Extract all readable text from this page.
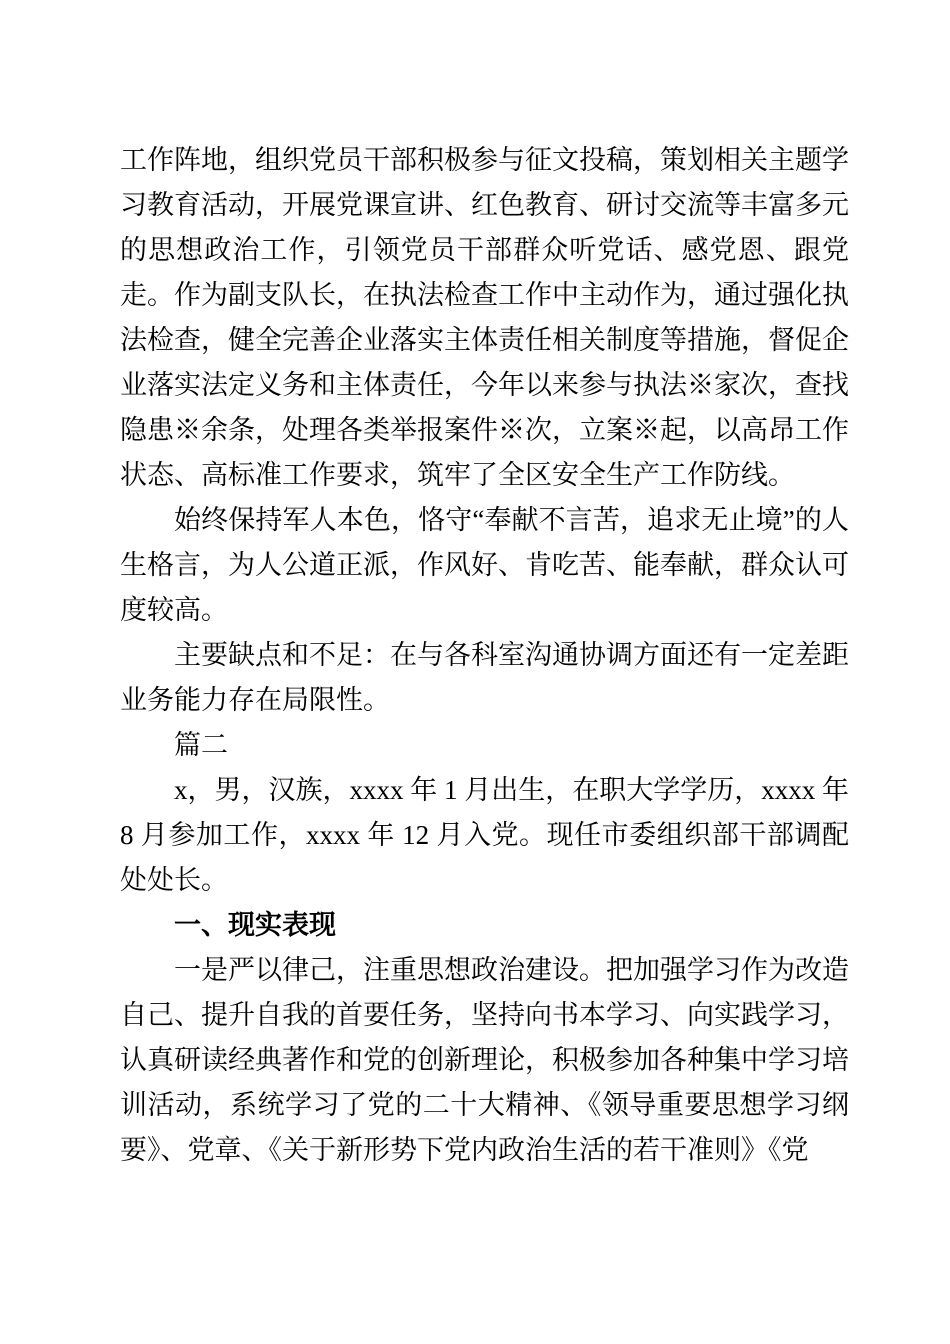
工作阵地，组织党员干部积极参与征文投稿，策划相关主题学习教育活动，开展党课宣讲、红色教育、研讨交流等丰富多元的思想政治工作，引领党员干部群众听党话、感党恩、跟党走。作为副支队长，在执法检查工作中主动作为，通过强化执法检查，健全完善企业落实主体责任相关制度等措施，督促企业落实法定义务和主体责任，今年以来参与执法※家次，查找隐患※余条，处理各类举报案件※次，立案※起，以高昂工作状态、高标准工作要求，筑牢了全区安全生产工作防线。

始终保持军人本色，恪守“奉献不言苦，追求无止境”的人生格言，为人公道正派，作风好、肯吃苦、能奉献，群众认可度较高。

主要缺点和不足：在与各科室沟通协调方面还有一定差距业务能力存在局限性。

篇二

x，男，汉族，xxxx 年 1 月出生，在职大学学历，xxxx 年 8 月参加工作，xxxx 年 12 月入党。现任市委组织部干部调配处处长。

一、现实表现

一是严以律己，注重思想政治建设。把加强学习作为改造自己、提升自我的首要任务，坚持向书本学习、向实践学习，认真研读经典著作和党的创新理论，积极参加各种集中学习培训活动，系统学习了党的二十大精神、《领导重要思想学习纲要》、党章、《关于新形势下党内政治生活的若干准则》《党
